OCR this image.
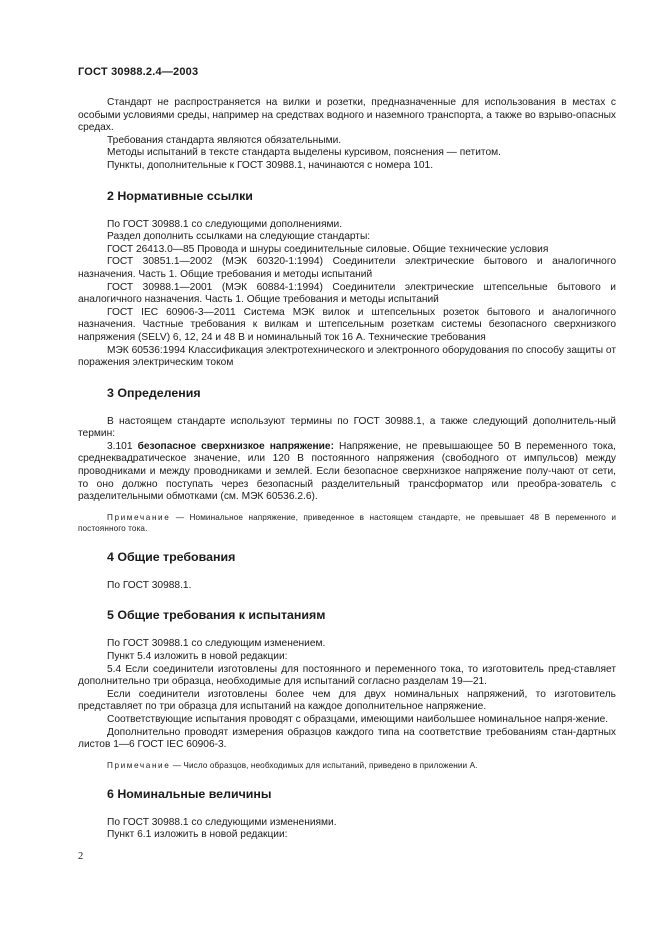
ГОСТ 30988.2.4—2003

Стандарт не распространяется на вилки и розетки, предназначенные для использования в местах с особыми условиями среды, например на средствах водного и наземного транспорта, а также во взрыво-опасных средах.

Требования стандарта являются обязательными.

Методы испытаний в тексте стандарта выделены курсивом, пояснения — петитом.

Пункты, дополнительные к ГОСТ 30988.1, начинаются с номера 101.

2 Нормативные ссылки

По ГОСТ 30988.1 со следующими дополнениями.

Раздел дополнить ссылками на следующие стандарты:

ГОСТ 26413.0—85 Провода и шнуры соединительные силовые. Общие технические условия

ГОСТ 30851.1—2002 (МЭК 60320-1:1994) Соединители электрические бытового и аналогичного назначения. Часть 1. Общие требования и методы испытаний

ГОСТ 30988.1—2001 (МЭК 60884-1:1994) Соединители электрические штепсельные бытового и аналогичного назначения. Часть 1. Общие требования и методы испытаний

ГОСТ IEC 60906-3—2011 Система МЭК вилок и штепсельных розеток бытового и аналогичного назначения. Частные требования к вилкам и штепсельным розеткам системы безопасного сверхнизкого напряжения (SELV) 6, 12, 24 и 48 В и номинальный ток 16 А. Технические требования

МЭК 60536:1994 Классификация электротехнического и электронного оборудования по способу защиты от поражения электрическим током

3 Определения

В настоящем стандарте используют термины по ГОСТ 30988.1, а также следующий дополнитель-ный термин:

3.101 безопасное сверхнизкое напряжение: Напряжение, не превышающее 50 В переменного тока, среднеквадратическое значение, или 120 В постоянного напряжения (свободного от импульсов) между проводниками и между проводниками и землей. Если безопасное сверхнизкое напряжение полу-чают от сети, то оно должно поступать через безопасный разделительный трансформатор или преобра-зователь с разделительными обмотками (см. МЭК 60536.2.6).

Примечание — Номинальное напряжение, приведенное в настоящем стандарте, не превышает 48 В переменного и постоянного тока.

4 Общие требования

По ГОСТ 30988.1.

5 Общие требования к испытаниям

По ГОСТ 30988.1 со следующим изменением.

Пункт 5.4 изложить в новой редакции:

5.4 Если соединители изготовлены для постоянного и переменного тока, то изготовитель пред-ставляет дополнительно три образца, необходимые для испытаний согласно разделам 19—21.

Если соединители изготовлены более чем для двух номинальных напряжений, то изготовитель представляет по три образца для испытаний на каждое дополнительное напряжение.

Соответствующие испытания проводят с образцами, имеющими наибольшее номинальное напря-жение.

Дополнительно проводят измерения образцов каждого типа на соответствие требованиям стан-дартных листов 1—6 ГОСТ IEC 60906-3.

Примечание — Число образцов, необходимых для испытаний, приведено в приложении А.

6 Номинальные величины

По ГОСТ 30988.1 со следующими изменениями.

Пункт 6.1 изложить в новой редакции:

2
